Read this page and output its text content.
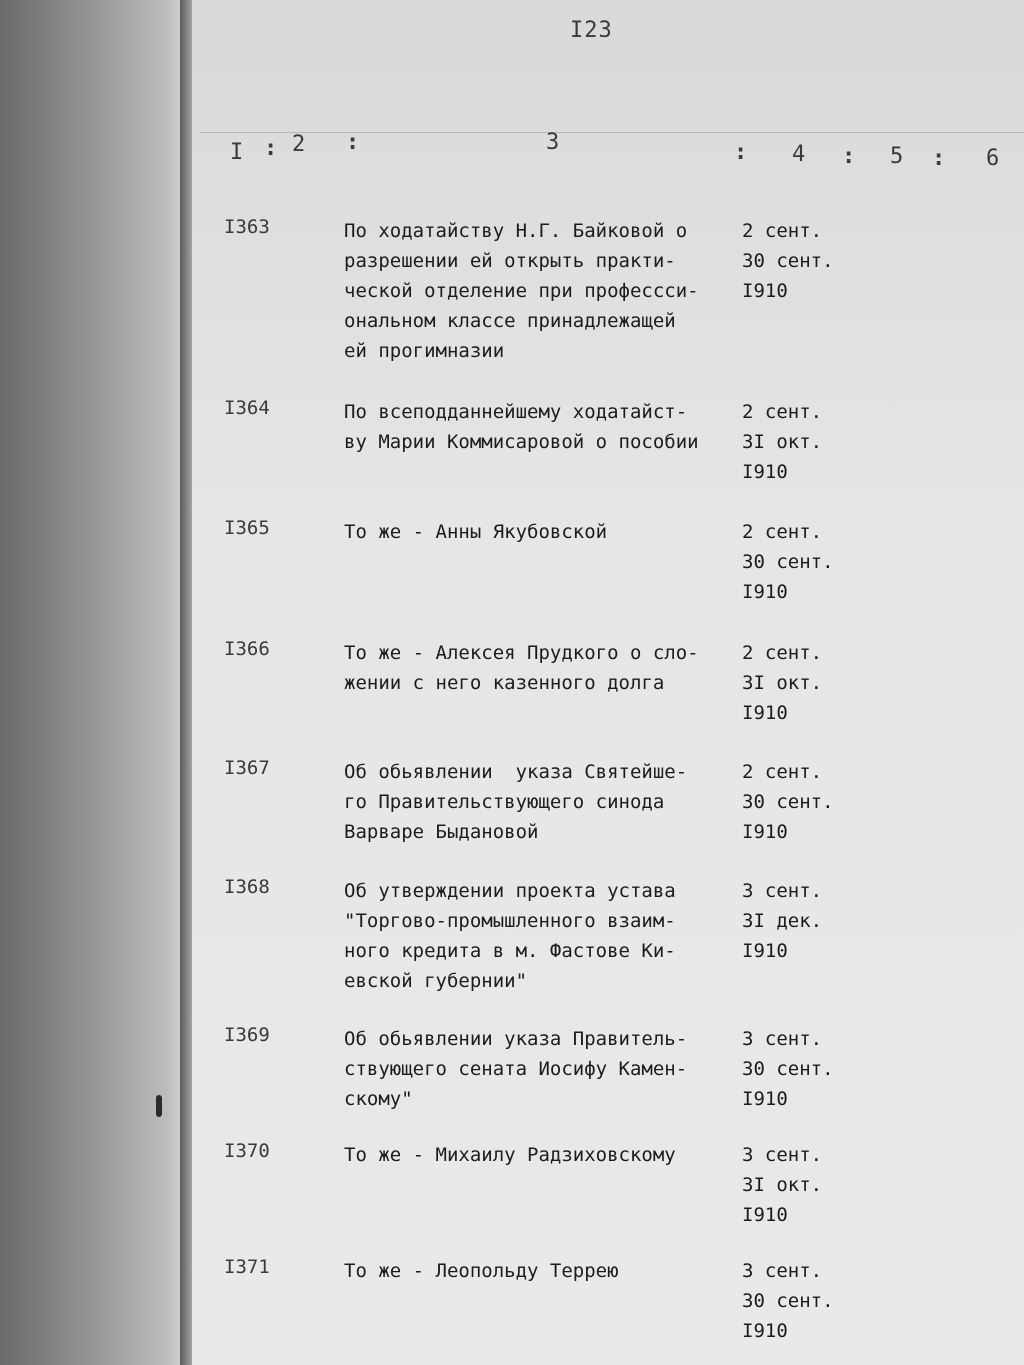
I23
I : 2 :	3	: 4 : 5 : 6
I363	По ходатайству Н.Г. Байковой о
разрешении ей открыть практи-
ческой отделение при профессси-
ональном классе принадлежащей
ей прогимназии
2 сент.
30 сент.
I910
I364	По всеподданнейшему ходатайст-
ву Марии Коммисаровой о пособии
2 сент.
3I окт.
I910
I365	То же - Анны Якубовской	2 сент.
30 сент.
I910
I366	То же - Алексея Прудкого о сло-
жении с него казенного долга
2 сент.
3I окт.
I910
I367	Об обьявлении  указа Святейше-
го Правительствующего синода
Варваре Быдановой
2 сент.
30 сент.
I910
I368	Об утверждении проекта устава
"Торгово-промышленного взаим-
ного кредита в м. Фастове Ки-
евской губернии"
3 сент.
3I дек.
I910
I369	Об обьявлении указа Правитель-
ствующего сената Иосифу Камен-
скому"
3 сент.
30 сент.
I910
I370	То же - Михаилу Радзиховскому	3 сент.
3I окт.
I910
I371	То же - Леопольду Террею	3 сент.
30 сент.
I910
